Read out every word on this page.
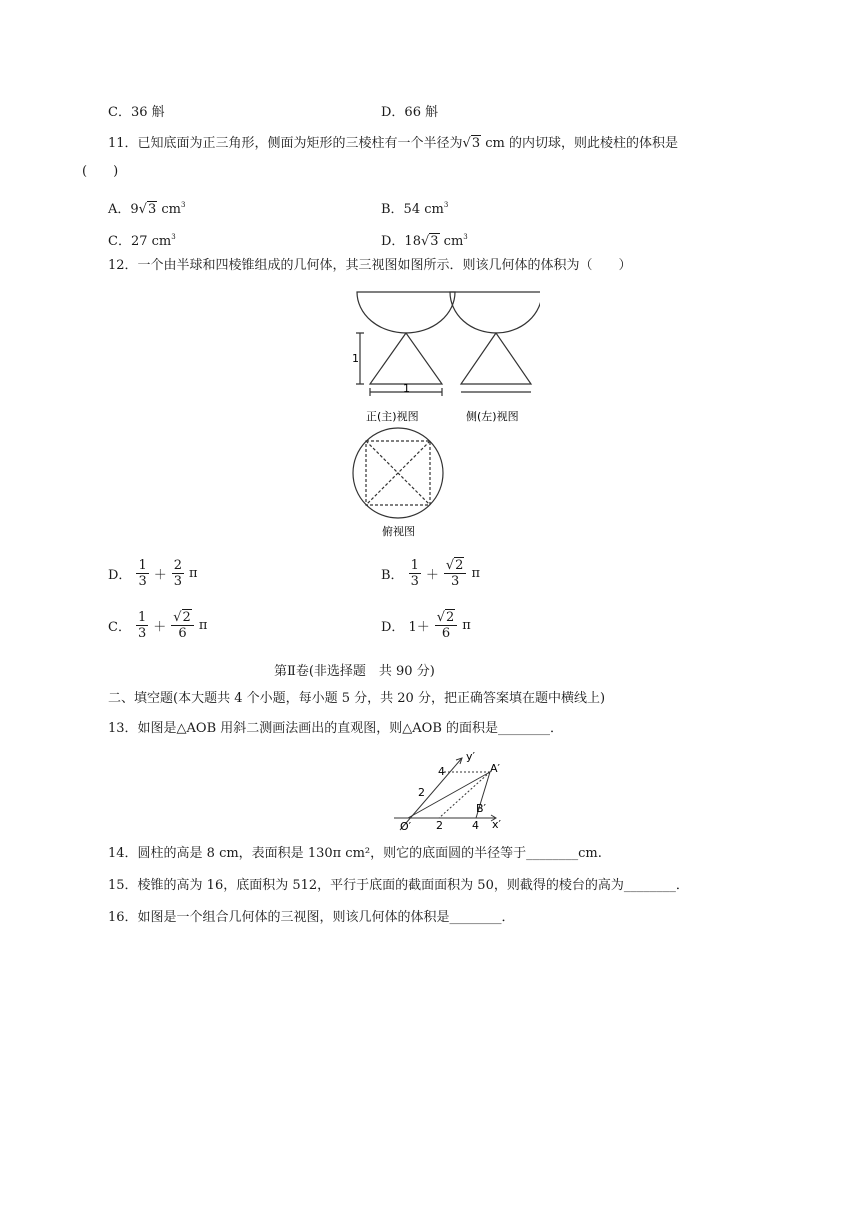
C．36 斛	D．66 斛
11．已知底面为正三角形，侧面为矩形的三棱柱有一个半径为√3 cm 的内切球，则此棱柱的体积是
(　　)
A．9√3 $cm^3$	B．54 $cm^3$
C．27 $cm^3$	D．18√3 $cm^3$
12．一个由半球和四棱锥组成的几何体，其三视图如图所示．则该几何体的体积为（　　）
1
1
正(主)视图	侧(左)视图
俯视图
D． $\frac{1}{3} + \frac{2}{3}$ π	B． $\frac{1}{3} + \frac{√2}{3}$ π
C． $\frac{1}{3} + \frac{√2}{6}$ π	D． $1+ \frac{√2}{6}$ π
第Ⅱ卷(非选择题　共 90 分)
二、填空题(本大题共 4 个小题，每小题 5 分，共 20 分，把正确答案填在题中横线上)
13．如图是△AOB 用斜二测画法画出的直观图，则△AOB 的面积是________．
y′
x′
O′
A′
B′
4
2
2	4
14．圆柱的高是 8 cm，表面积是 130π cm²，则它的底面圆的半径等于________cm.
15．棱锥的高为 16，底面积为 512，平行于底面的截面面积为 50，则截得的棱台的高为________．
16．如图是一个组合几何体的三视图，则该几何体的体积是________．
